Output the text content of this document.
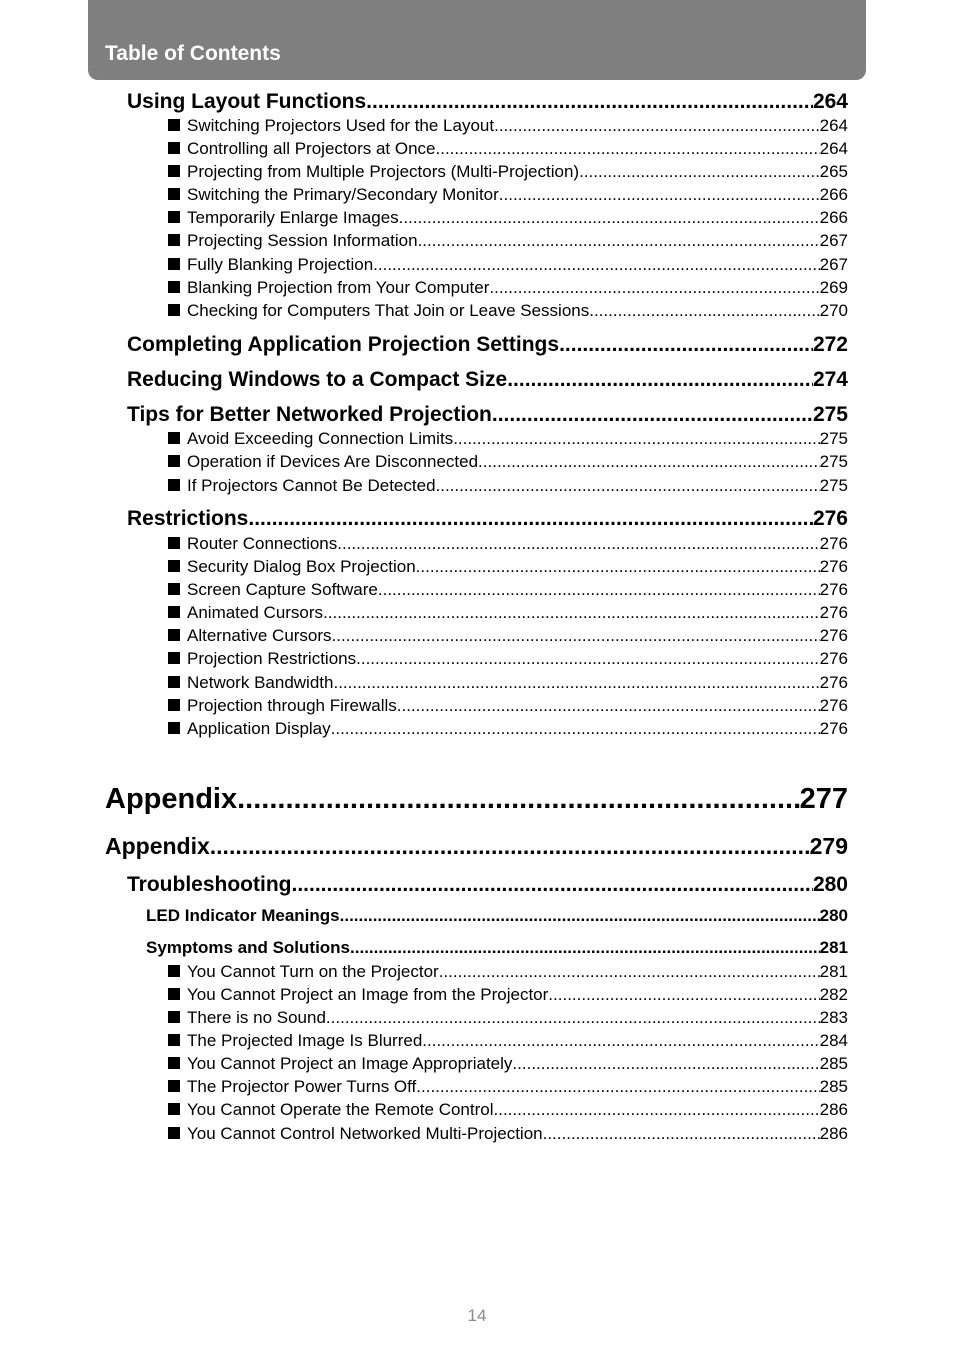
Table of Contents
Using Layout Functions .....	264
Switching Projectors Used for the Layout .....	264
Controlling all Projectors at Once .....	264
Projecting from Multiple Projectors (Multi-Projection) .....	265
Switching the Primary/Secondary Monitor .....	266
Temporarily Enlarge Images .....	266
Projecting Session Information .....	267
Fully Blanking Projection .....	267
Blanking Projection from Your Computer .....	269
Checking for Computers That Join or Leave Sessions .....	270
Completing Application Projection Settings .....	272
Reducing Windows to a Compact Size .....	274
Tips for Better Networked Projection .....	275
Avoid Exceeding Connection Limits .....	275
Operation if Devices Are Disconnected .....	275
If Projectors Cannot Be Detected .....	275
Restrictions .....	276
Router Connections .....	276
Security Dialog Box Projection .....	276
Screen Capture Software .....	276
Animated Cursors .....	276
Alternative Cursors .....	276
Projection Restrictions .....	276
Network Bandwidth .....	276
Projection through Firewalls .....	276
Application Display .....	276
Appendix .....	277
Appendix .....	279
Troubleshooting .....	280
LED Indicator Meanings .....	280
Symptoms and Solutions .....	281
You Cannot Turn on the Projector .....	281
You Cannot Project an Image from the Projector .....	282
There is no Sound .....	283
The Projected Image Is Blurred .....	284
You Cannot Project an Image Appropriately .....	285
The Projector Power Turns Off .....	285
You Cannot Operate the Remote Control .....	286
You Cannot Control Networked Multi-Projection .....	286
14
